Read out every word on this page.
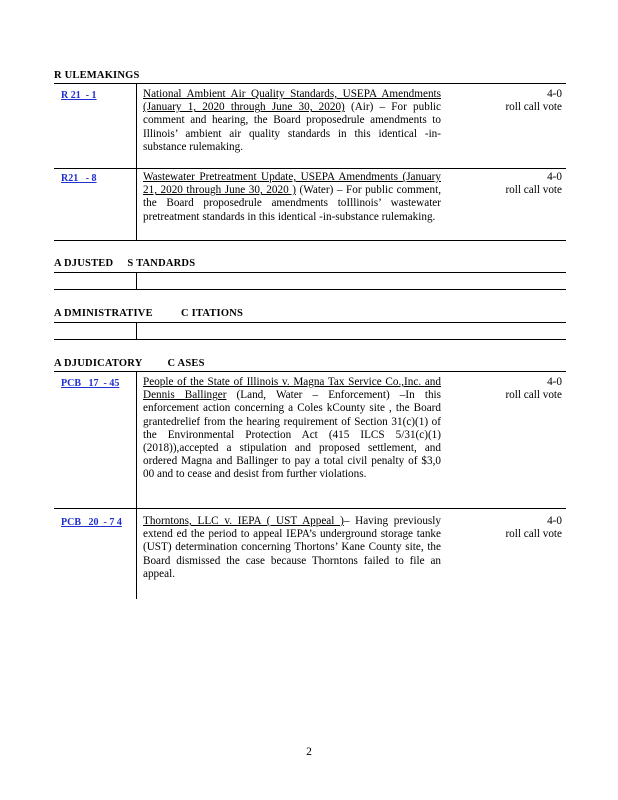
R ULEMAKINGS
R 21  - 1	National Ambient Air Quality Standards, USEPA Amendments (January 1, 2020 through June 30, 2020) (Air) – For public comment and hearing, the Board proposedrule amendments to Illinois’ ambient air quality standards in this identical -in- substance rulemaking.
4-0
roll call vote
R21   - 8	Wastewater Pretreatment Update, USEPA Amendments (January 21, 2020 through June 30, 2020 ) (Water) – For public comment, the Board proposedrule amendments toIllinois’ wastewater pretreatment standards in this identical -in-substance rulemaking.
4-0
roll call vote
A DJUSTED     S TANDARDS
A DMINISTRATIVE          C ITATIONS
A DJUDICATORY         C ASES
PCB   17  - 45 People of the State of Illinois v. Magna Tax Service Co.,Inc. and Dennis Ballinger (Land, Water – Enforcement) –In this enforcement action concerning a Coles kCounty site , the Board grantedrelief from the hearing requirement of Section 31(c)(1) of the Environmental Protection Act (415 ILCS 5/31(c)(1) (2018)),accepted a stipulation and proposed settlement, and ordered Magna and Ballinger to pay a total civil penalty of $3,0 00 and to cease and desist from further violations.
4-0
roll call vote
PCB   20  - 7 4 Thorntons, LLC v. IEPA ( UST Appeal )– Having previously extend ed the period to appeal IEPA’s underground storage tanke (UST) determination concerning Thortons’ Kane County site, the Board dismissed the case because Thorntons failed to file an appeal.
4-0
roll call vote
2
